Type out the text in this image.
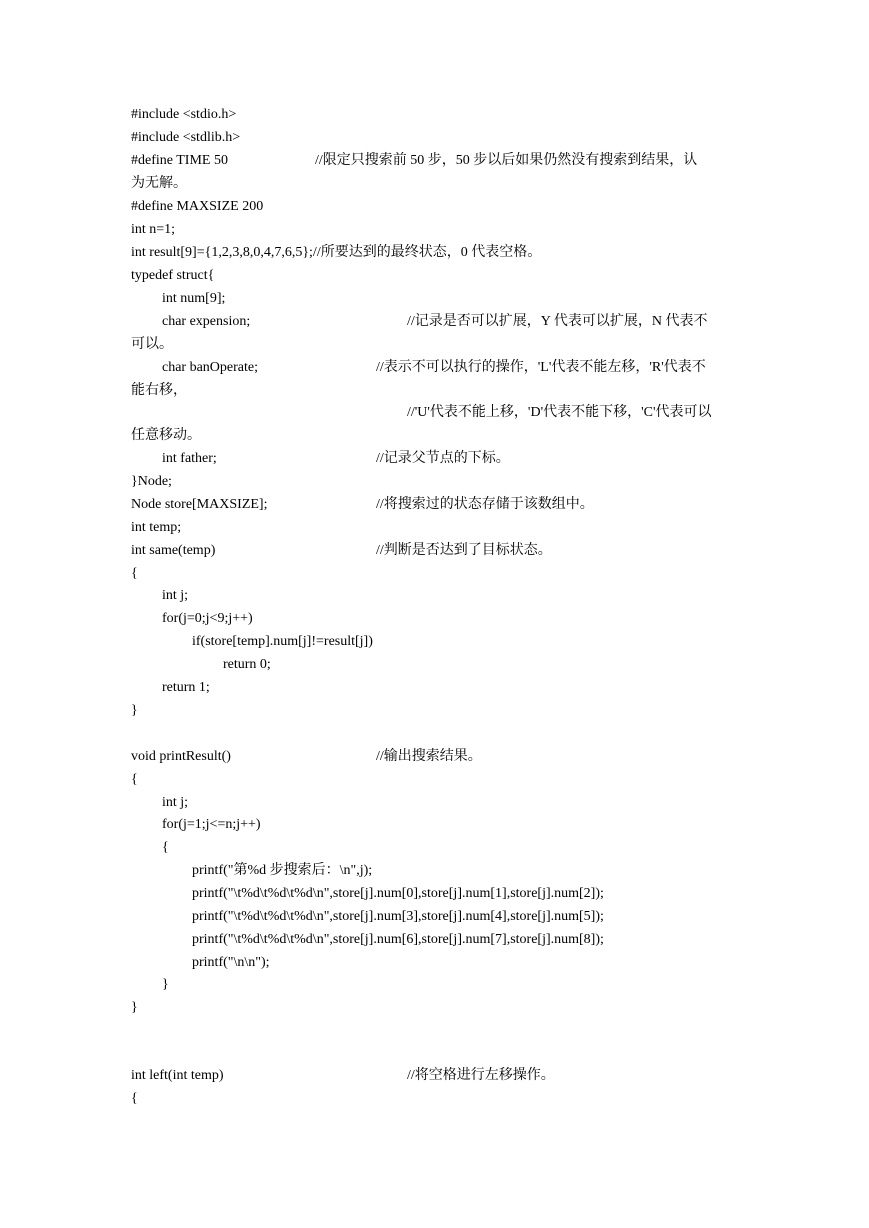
#include <stdio.h>
#include <stdlib.h>
#define TIME 50	//限定只搜索前 50 步，50 步以后如果仍然没有搜索到结果，认
为无解。
#define MAXSIZE 200
int n=1;
int result[9]={1,2,3,8,0,4,7,6,5};//所要达到的最终状态，0 代表空格。
typedef struct{
int num[9];
char expension;	//记录是否可以扩展，Y 代表可以扩展，N 代表不
可以。
char banOperate;	//表示不可以执行的操作，'L'代表不能左移，'R'代表不
能右移，
//'U'代表不能上移，'D'代表不能下移，'C'代表可以
任意移动。
int father;	//记录父节点的下标。
}Node;
Node store[MAXSIZE];	//将搜索过的状态存储于该数组中。
int temp;
int same(temp)	//判断是否达到了目标状态。
{
int j;
for(j=0;j<9;j++)
if(store[temp].num[j]!=result[j])
return 0;
return 1;
}
void printResult()	//输出搜索结果。
{
int j;
for(j=1;j<=n;j++)
{
printf("第%d 步搜索后：\n",j);
printf("\t%d\t%d\t%d\n",store[j].num[0],store[j].num[1],store[j].num[2]);
printf("\t%d\t%d\t%d\n",store[j].num[3],store[j].num[4],store[j].num[5]);
printf("\t%d\t%d\t%d\n",store[j].num[6],store[j].num[7],store[j].num[8]);
printf("\n\n");
}
}
int left(int temp)	//将空格进行左移操作。
{
